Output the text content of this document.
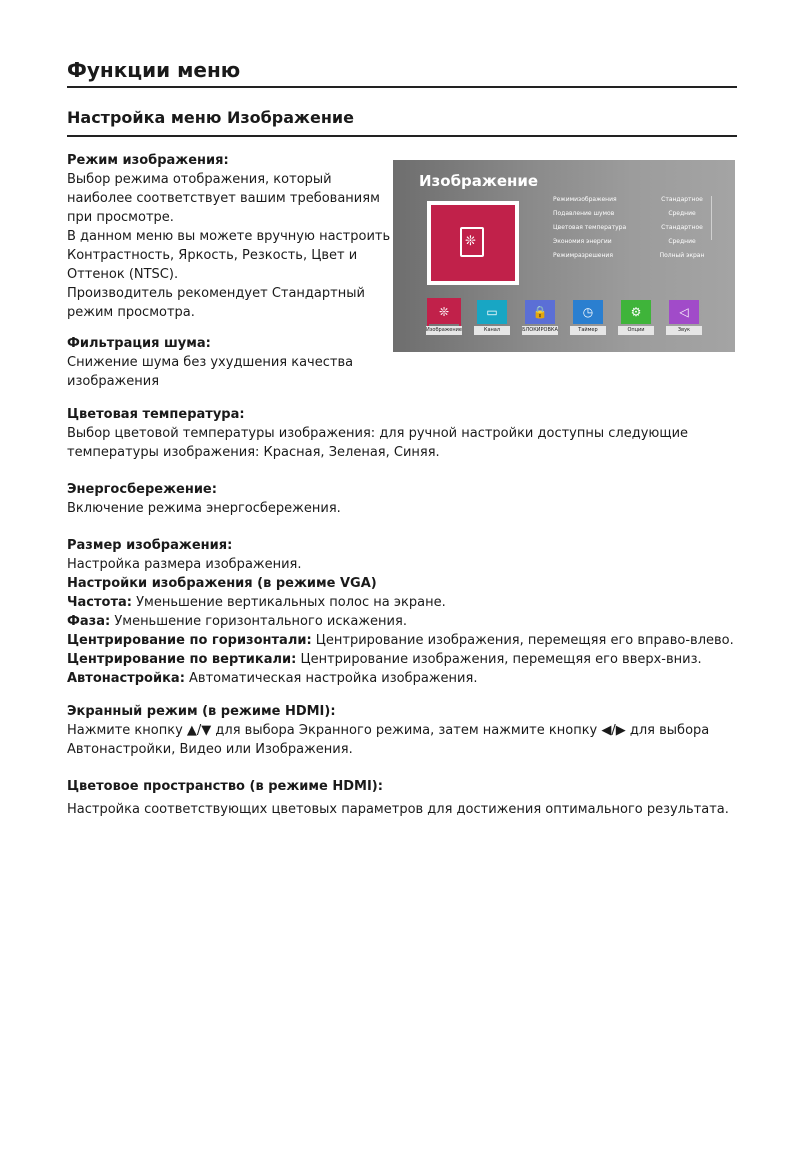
Функции меню
Настройка меню Изображение

Режим изображения:

Выбор режима отображения, который

наиболее соответствует вашим требованиям

при просмотре.

В данном меню вы можете вручную настроить

Контрастность, Яркость, Резкость, Цвет и

Оттенок (NTSC).

Производитель рекомендует Стандартный

режим просмотра.

Фильтрация шума:

Снижение шума без ухудшения качества

изображения

Цветовая температура:

Выбор цветовой температуры изображения: для ручной настройки доступны следующие

температуры изображения: Красная, Зеленая, Синяя.

Энергосбережение:

Включение режима энергосбережения.

Размер изображения:

Настройка размера изображения.

Настройки изображения (в режиме VGA)

Частота: Уменьшение вертикальных полос на экране.

Фаза: Уменьшение горизонтального искажения.

Центрирование по горизонтали: Центрирование изображения, перемещяя его вправо-влево.

Центрирование по вертикали: Центрирование изображения, перемещяя его вверх-вниз.

Автонастройка: Автоматическая настройка изображения.

Экранный режим (в режиме HDMI):

Нажмите кнопку ▲/▼ для выбора Экранного режима, затем нажмите кнопку ◀/▶ для выбора

Автонастройки, Видео или Изображения.

Цветовое пространство (в режиме HDMI):

Настройка соответствующих цветовых параметров для достижения оптимального результата.

Изображение
❊
Режимизображения	Стандартное
Подавление шумов	Средние
Цветовая температура	Стандартное
Экономия энергии	Средние
Режимразрешения	Полный экран
❊
Изображение
▭
Канал
🔒
БЛОКИРОВКА
◷
Таймер
⚙
Опции
◁
Звук
